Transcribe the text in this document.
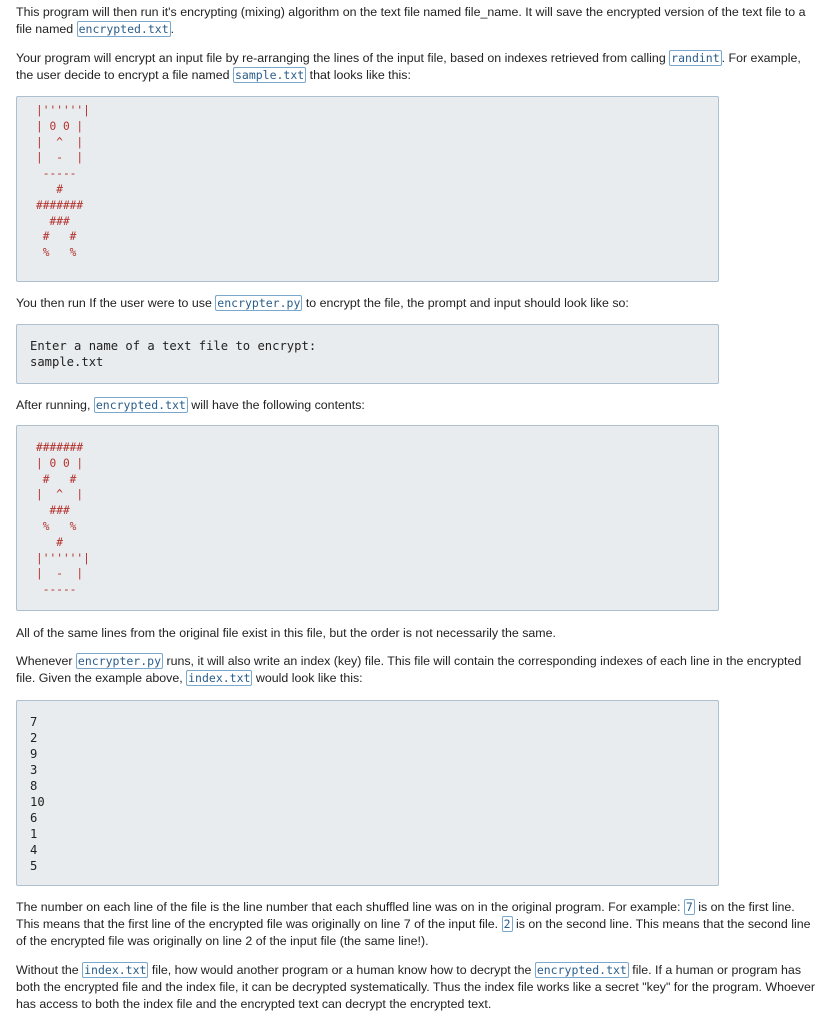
This program will then run it's encrypting (mixing) algorithm on the text file named file_name. It will save the encrypted version of the text file to a file named encrypted.txt .

Your program will encrypt an input file by re-arranging the lines of the input file, based on indexes retrieved from calling randint . For example, the user decide to encrypt a file named sample.txt that looks like this:

|''''''|
| 0 0 |
|  ^  |
|  -  |
-----
#
#######
###
#   #
%   %

You then run If the user were to use encrypter.py to encrypt the file, the prompt and input should look like so:

Enter a name of a text file to encrypt:
sample.txt

After running, encrypted.txt will have the following contents:

#######
| 0 0 |
#   #
|  ^  |
###
%   %
#
|''''''|
|  -  |
-----

All of the same lines from the original file exist in this file, but the order is not necessarily the same.

Whenever encrypter.py runs, it will also write an index (key) file. This file will contain the corresponding indexes of each line in the encrypted file. Given the example above, index.txt would look like this:

7
2
9
3
8
10
6
1
4
5

The number on each line of the file is the line number that each shuffled line was on in the original program. For example: 7 is on the first line. This means that the first line of the encrypted file was originally on line 7 of the input file. 2 is on the second line. This means that the second line of the encrypted file was originally on line 2 of the input file (the same line!).

Without the index.txt file, how would another program or a human know how to decrypt the encrypted.txt file. If a human or program has both the encrypted file and the index file, it can be decrypted systematically. Thus the index file works like a secret "key" for the program. Whoever has access to both the index file and the encrypted text can decrypt the encrypted text.
